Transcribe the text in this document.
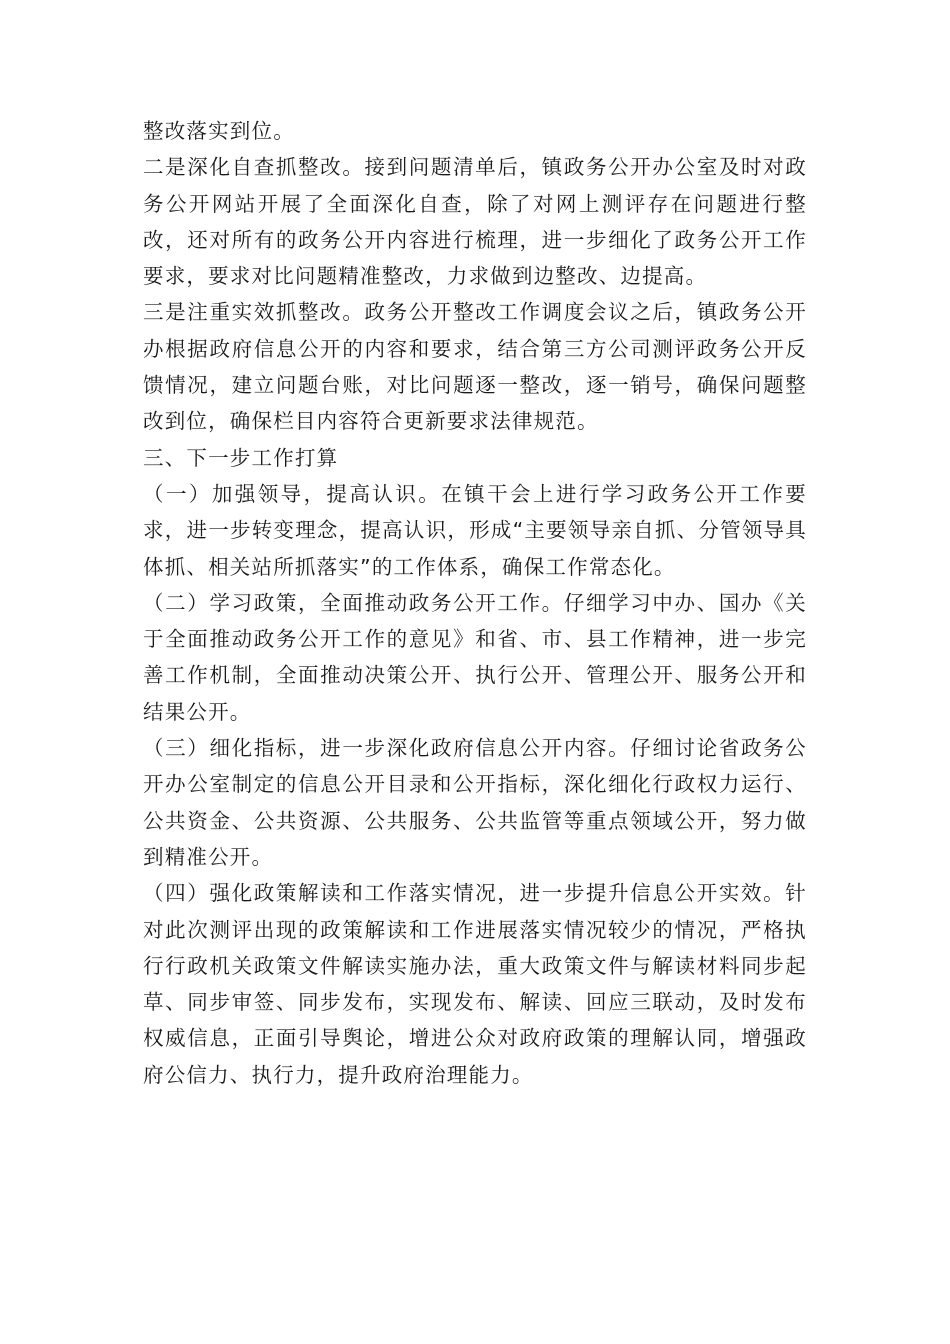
整改落实到位。

二是深化自查抓整改。接到问题清单后，镇政务公开办公室及时对政务公开网站开展了全面深化自查，除了对网上测评存在问题进行整改，还对所有的政务公开内容进行梳理，进一步细化了政务公开工作要求，要求对比问题精准整改，力求做到边整改、边提高。

三是注重实效抓整改。政务公开整改工作调度会议之后，镇政务公开办根据政府信息公开的内容和要求，结合第三方公司测评政务公开反馈情况，建立问题台账，对比问题逐一整改，逐一销号，确保问题整改到位，确保栏目内容符合更新要求法律规范。

三、下一步工作打算

（一）加强领导，提高认识。在镇干会上进行学习政务公开工作要求，进一步转变理念，提高认识，形成“主要领导亲自抓、分管领导具体抓、相关站所抓落实”的工作体系，确保工作常态化。

（二）学习政策，全面推动政务公开工作。仔细学习中办、国办《关于全面推动政务公开工作的意见》和省、市、县工作精神，进一步完善工作机制，全面推动决策公开、执行公开、管理公开、服务公开和结果公开。

（三）细化指标，进一步深化政府信息公开内容。仔细讨论省政务公开办公室制定的信息公开目录和公开指标，深化细化行政权力运行、公共资金、公共资源、公共服务、公共监管等重点领域公开，努力做到精准公开。

（四）强化政策解读和工作落实情况，进一步提升信息公开实效。针对此次测评出现的政策解读和工作进展落实情况较少的情况，严格执行行政机关政策文件解读实施办法，重大政策文件与解读材料同步起草、同步审签、同步发布，实现发布、解读、回应三联动，及时发布权威信息，正面引导舆论，增进公众对政府政策的理解认同，增强政府公信力、执行力，提升政府治理能力。
